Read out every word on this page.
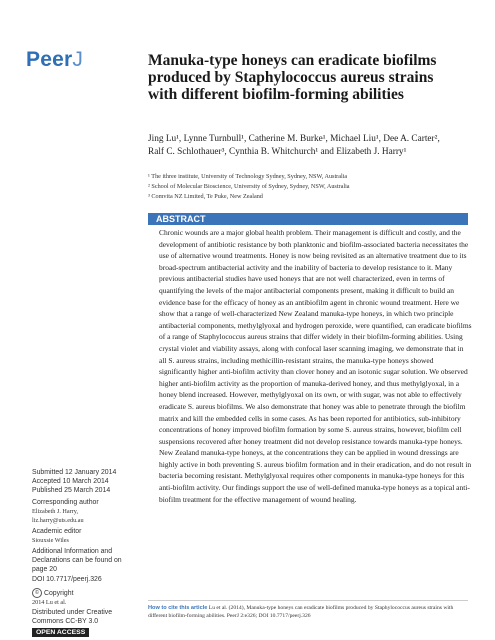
PeerJ	Manuka-type honeys can eradicate biofilms produced by Staphylococcus aureus strains with different biofilm-forming abilities
Jing Lu¹, Lynne Turnbull¹, Catherine M. Burke¹, Michael Liu¹, Dee A. Carter², Ralf C. Schlothauer³, Cynthia B. Whitchurch¹ and Elizabeth J. Harry¹
¹ The ithree institute, University of Technology Sydney, Sydney, NSW, Australia
² School of Molecular Bioscience, University of Sydney, Sydney, NSW, Australia
³ Comvita NZ Limited, Te Puke, New Zealand
ABSTRACT

Chronic wounds are a major global health problem. Their management is difficult and costly, and the development of antibiotic resistance by both planktonic and biofilm-associated bacteria necessitates the use of alternative wound treatments. Honey is now being revisited as an alternative treatment due to its broad-spectrum antibacterial activity and the inability of bacteria to develop resistance to it. Many previous antibacterial studies have used honeys that are not well characterized, even in terms of quantifying the levels of the major antibacterial components present, making it difficult to build an evidence base for the efficacy of honey as an antibiofilm agent in chronic wound treatment. Here we show that a range of well-characterized New Zealand manuka-type honeys, in which two principle antibacterial components, methylglyoxal and hydrogen peroxide, were quantified, can eradicate biofilms of a range of Staphylococcus aureus strains that differ widely in their biofilm-forming abilities. Using crystal violet and viability assays, along with confocal laser scanning imaging, we demonstrate that in all S. aureus strains, including methicillin-resistant strains, the manuka-type honeys showed significantly higher anti-biofilm activity than clover honey and an isotonic sugar solution. We observed higher anti-biofilm activity as the proportion of manuka-derived honey, and thus methylglyoxal, in a honey blend increased. However, methylglyoxal on its own, or with sugar, was not able to effectively eradicate S. aureus biofilms. We also demonstrate that honey was able to penetrate through the biofilm matrix and kill the embedded cells in some cases. As has been reported for antibiotics, sub-inhibitory concentrations of honey improved biofilm formation by some S. aureus strains, however, biofilm cell suspensions recovered after honey treatment did not develop resistance towards manuka-type honeys. New Zealand manuka-type honeys, at the concentrations they can be applied in wound dressings are highly active in both preventing S. aureus biofilm formation and in their eradication, and do not result in bacteria becoming resistant. Methylglyoxal requires other components in manuka-type honeys for this anti-biofilm activity. Our findings support the use of well-defined manuka-type honeys as a topical anti-biofilm treatment for the effective management of wound healing.

Submitted 12 January 2014
Accepted 10 March 2014
Published 25 March 2014
Corresponding author
Elizabeth J. Harry,
liz.harry@uts.edu.au
Academic editor
Siouxsie Wiles
Additional Information and Declarations can be found on page 20
DOI 10.7717/peerj.326
© Copyright
2014 Lu et al.
Distributed under Creative Commons CC-BY 3.0
OPEN ACCESS
How to cite this article Lu et al. (2014), Manuka-type honeys can eradicate biofilms produced by Staphylococcus aureus strains with different biofilm-forming abilities. PeerJ 2:e326; DOI 10.7717/peerj.326
